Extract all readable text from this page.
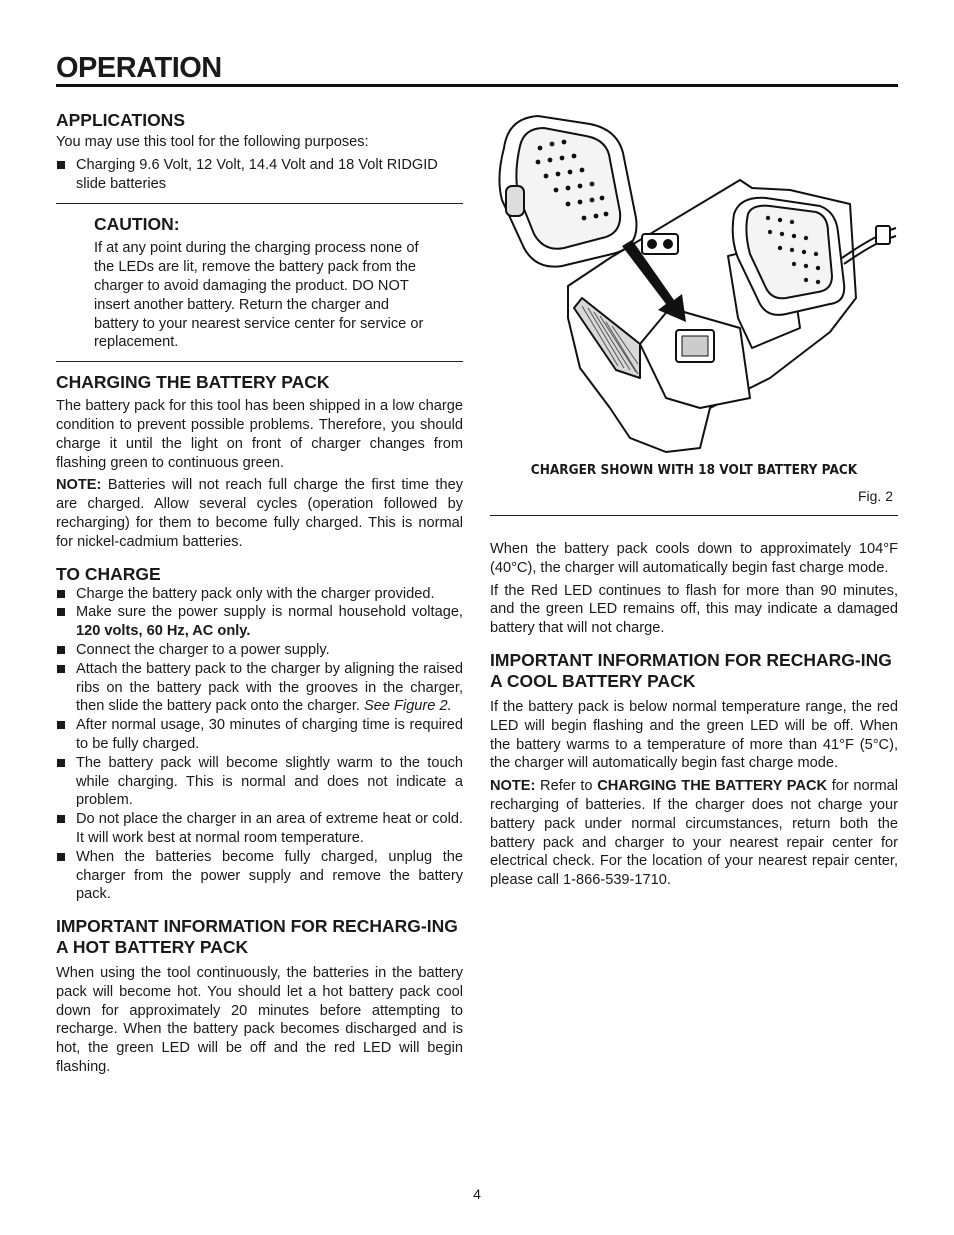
OPERATION
APPLICATIONS

You may use this tool for the following purposes:

Charging 9.6 Volt, 12 Volt, 14.4 Volt and 18 Volt RIDGID slide batteries
CAUTION:

If at any point during the charging process none of the LEDs are lit, remove the battery pack from the charger to avoid damaging the product. DO NOT insert another battery. Return the charger and battery to your nearest service center for service or replacement.

CHARGING THE BATTERY PACK

The battery pack for this tool has been shipped in a low charge condition to prevent possible problems. Therefore, you should charge it until the light on front of charger changes from flashing green to continuous green.

NOTE: Batteries will not reach full charge the first time they are charged. Allow several cycles (operation followed by recharging) for them to become fully charged. This is normal for nickel-cadmium batteries.

TO CHARGE
Charge the battery pack only with the charger provided.
Make sure the power supply is normal household voltage, 120 volts, 60 Hz, AC only.
Connect the charger to a power supply.
Attach the battery pack to the charger by aligning the raised ribs on the battery pack with the grooves in the charger, then slide the battery pack onto the charger. See Figure 2.
After normal usage, 30 minutes of charging time is required to be fully charged.
The battery pack will become slightly warm to the touch while charging. This is normal and does not indicate a problem.
Do not place the charger in an area of extreme heat or cold. It will work best at normal room temperature.
When the batteries become fully charged, unplug the charger from the power supply and remove the battery pack.
IMPORTANT INFORMATION FOR RECHARG-ING A HOT BATTERY PACK

When using the tool continuously, the batteries in the battery pack will become hot. You should let a hot battery pack cool down for approximately 20 minutes before attempting to recharge. When the battery pack becomes discharged and is hot, the green LED will be off and the red LED will begin flashing.

CHARGER SHOWN WITH 18 VOLT BATTERY PACK
Fig. 2

When the battery pack cools down to approximately 104°F (40°C), the charger will automatically begin fast charge mode.

If the Red LED continues to flash for more than 90 minutes, and the green LED remains off, this may indicate a damaged battery that will not charge.

IMPORTANT INFORMATION FOR RECHARG-ING A COOL BATTERY PACK

If the battery pack is below normal temperature range, the red LED will begin flashing and the green LED will be off. When the battery warms to a temperature of more than 41°F (5°C), the charger will automatically begin fast charge mode.

NOTE: Refer to CHARGING THE BATTERY PACK for normal recharging of batteries. If the charger does not charge your battery pack under normal circumstances, return both the battery pack and charger to your nearest repair center for electrical check. For the location of your nearest repair center, please call 1-866-539-1710.

4
